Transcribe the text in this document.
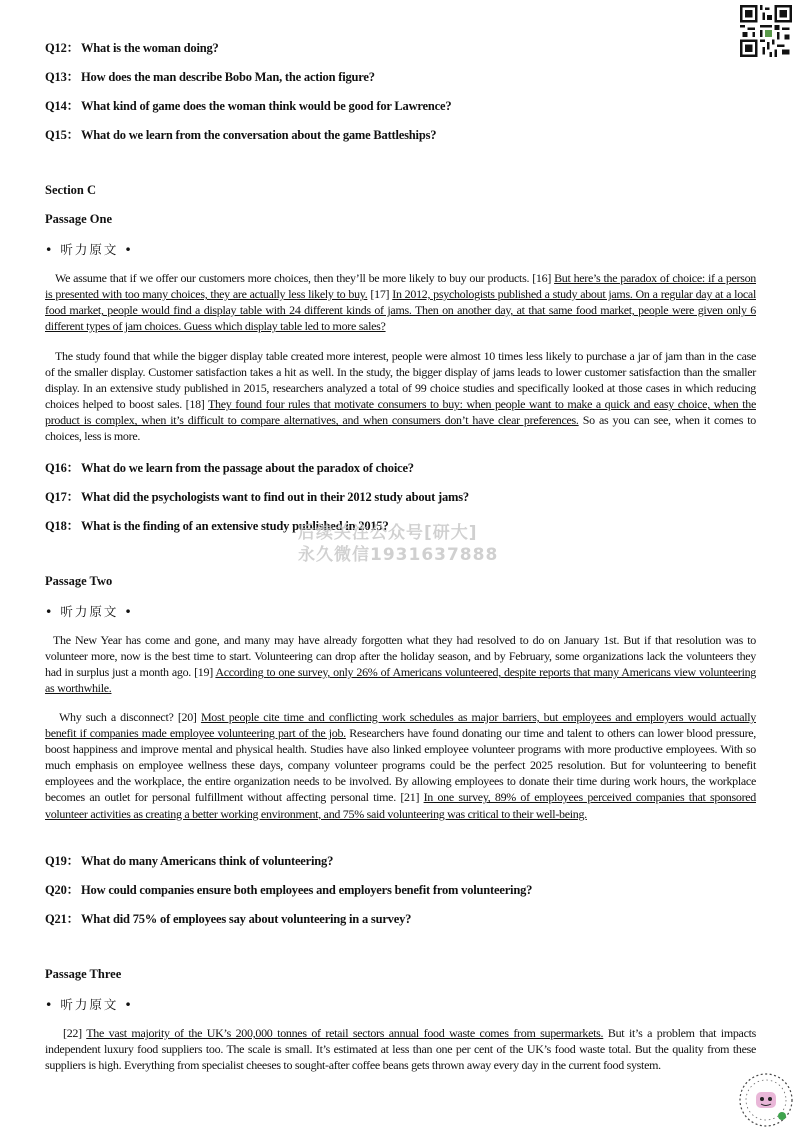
Q12： What is the woman doing?
Q13： How does the man describe Bobo Man, the action figure?
Q14： What kind of game does the woman think would be good for Lawrence?
Q15： What do we learn from the conversation about the game Battleships?
Section C
Passage One
• 听力原文 •
We assume that if we offer our customers more choices, then they’ll be more likely to buy our products. [16] But here’s the paradox of choice: if a person is presented with too many choices, they are actually less likely to buy. [17] In 2012, psychologists published a study about jams. On a regular day at a local food market, people would find a display table with 24 different kinds of jams. Then on another day, at that same food market, people were given only 6 different types of jam choices. Guess which display table led to more sales?
The study found that while the bigger display table created more interest, people were almost 10 times less likely to purchase a jar of jam than in the case of the smaller display. Customer satisfaction takes a hit as well. In the study, the bigger display of jams leads to lower customer satisfaction than the smaller display. In an extensive study published in 2015, researchers analyzed a total of 99 choice studies and specifically looked at those cases in which reducing choices helped to boost sales. [18] They found four rules that motivate consumers to buy: when people want to make a quick and easy choice, when the product is complex, when it’s difficult to compare alternatives, and when consumers don’t have clear preferences. So as you can see, when it comes to choices, less is more.
Q16： What do we learn from the passage about the paradox of choice?
Q17： What did the psychologists want to find out in their 2012 study about jams?
Q18： What is the finding of an extensive study published in 2015?
Passage Two
• 听力原文 •
The New Year has come and gone, and many may have already forgotten what they had resolved to do on January 1st. But if that resolution was to volunteer more, now is the best time to start. Volunteering can drop after the holiday season, and by February, some organizations lack the volunteers they had in surplus just a month ago. [19] According to one survey, only 26% of Americans volunteered, despite reports that many Americans view volunteering as worthwhile.
Why such a disconnect? [20] Most people cite time and conflicting work schedules as major barriers, but employees and employers would actually benefit if companies made employee volunteering part of the job. Researchers have found donating our time and talent to others can lower blood pressure, boost happiness and improve mental and physical health. Studies have also linked employee volunteer programs with more productive employees. With so much emphasis on employee wellness these days, company volunteer programs could be the perfect 2025 resolution. But for volunteering to benefit employees and the workplace, the entire organization needs to be involved. By allowing employees to donate their time during work hours, the workplace becomes an outlet for personal fulfillment without affecting personal time. [21] In one survey, 89% of employees perceived companies that sponsored volunteer activities as creating a better working environment, and 75% said volunteering was critical to their well-being.
Q19： What do many Americans think of volunteering?
Q20： How could companies ensure both employees and employers benefit from volunteering?
Q21： What did 75% of employees say about volunteering in a survey?
Passage Three
• 听力原文 •
[22] The vast majority of the UK’s 200,000 tonnes of retail sectors annual food waste comes from supermarkets. But it’s a problem that impacts independent luxury food suppliers too. The scale is small. It’s estimated at less than one per cent of the UK’s food waste total. But the quality from these suppliers is high. Everything from specialist cheeses to sought-after coffee beans gets thrown away every day in the current food system.
后续关注公众号[研大]
永久微信1931637888
